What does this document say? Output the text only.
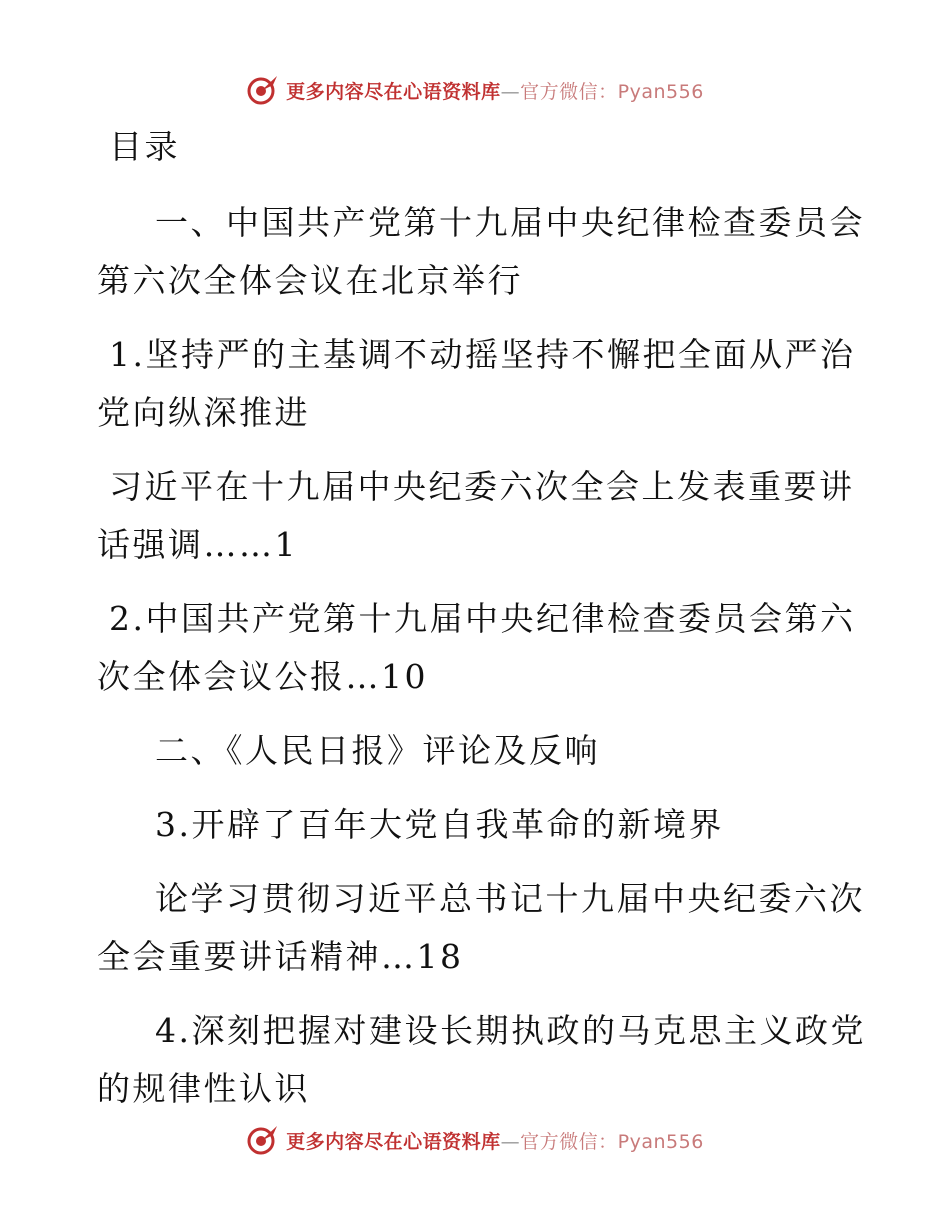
更多内容尽在心语资料库—官方微信：Pyan556
目录
一、中国共产党第十九届中央纪律检查委员会
第六次全体会议在北京举行
1.坚持严的主基调不动摇坚持不懈把全面从严治
党向纵深推进
习近平在十九届中央纪委六次全会上发表重要讲
话强调……1
2.中国共产党第十九届中央纪律检查委员会第六
次全体会议公报…10
二、《人民日报》评论及反响
3.开辟了百年大党自我革命的新境界
论学习贯彻习近平总书记十九届中央纪委六次
全会重要讲话精神…18
4.深刻把握对建设长期执政的马克思主义政党
的规律性认识
更多内容尽在心语资料库—官方微信：Pyan556
